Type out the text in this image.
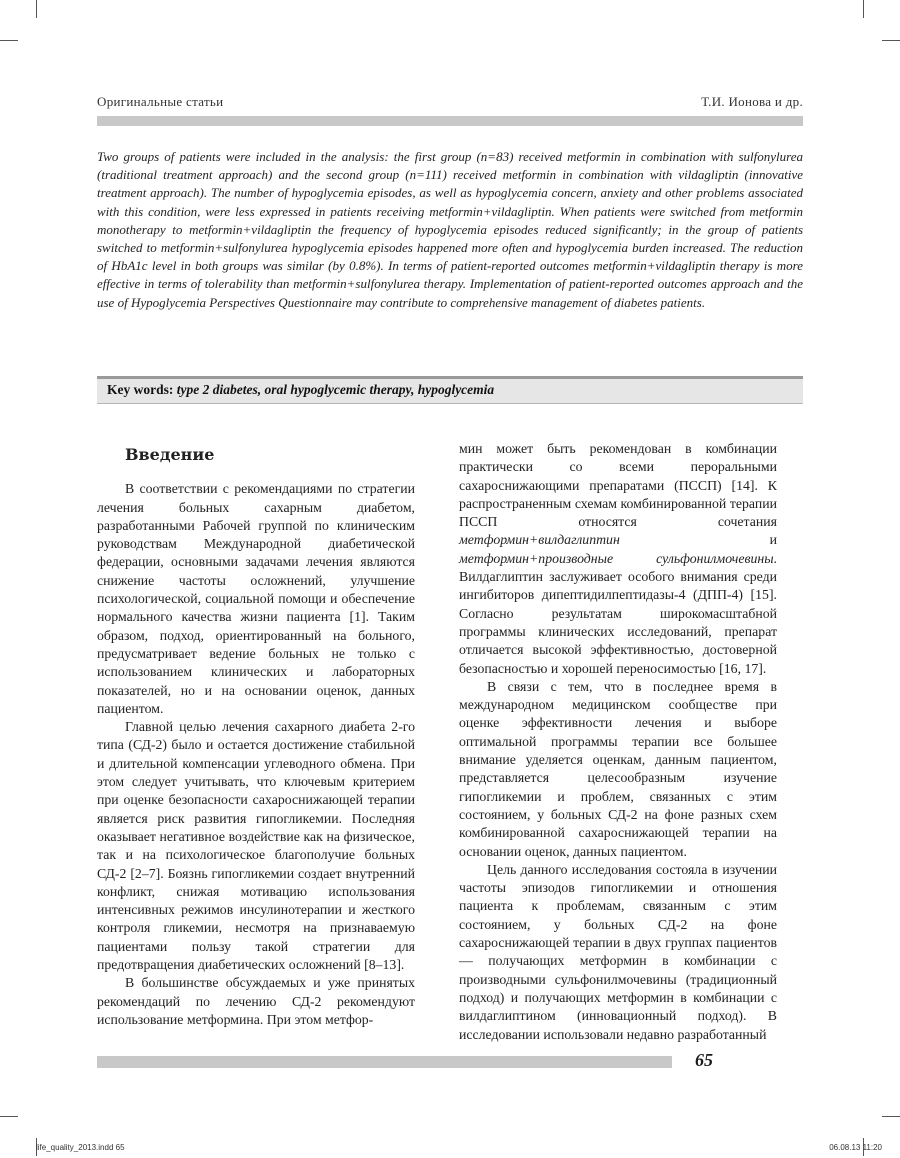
Оригинальные статьи	Т.И. Ионова и др.
Two groups of patients were included in the analysis: the first group (n=83) received metformin in combination with sulfonylurea (traditional treatment approach) and the second group (n=111) received metformin in combination with vildagliptin (innovative treatment approach). The number of hypoglycemia episodes, as well as hypoglycemia concern, anxiety and other problems associated with this condition, were less expressed in patients receiving metformin+vildagliptin. When patients were switched from metformin monotherapy to metformin+vildagliptin the frequency of hypoglycemia episodes reduced significantly; in the group of patients switched to metformin+sulfonylurea hypoglycemia episodes happened more often and hypoglycemia burden increased. The reduction of HbA1c level in both groups was similar (by 0.8%). In terms of patient-reported outcomes metformin+vildagliptin therapy is more effective in terms of tolerability than metformin+sulfonylurea therapy. Implementation of patient-reported outcomes approach and the use of Hypoglycemia Perspectives Questionnaire may contribute to comprehensive management of diabetes patients.
Key words: type 2 diabetes, oral hypoglycemic therapy, hypoglycemia
Введение

В соответствии с рекомендациями по стратегии лечения больных сахарным диабетом, разработанными Рабочей группой по клиническим руководствам Международной диабетической федерации, основными задачами лечения являются снижение частоты осложнений, улучшение психологической, социальной помощи и обеспечение нормального качества жизни пациента [1]. Таким образом, подход, ориентированный на больного, предусматривает ведение больных не только с использованием клинических и лабораторных показателей, но и на основании оценок, данных пациентом.

Главной целью лечения сахарного диабета 2-го типа (СД-2) было и остается достижение стабильной и длительной компенсации углеводного обмена. При этом следует учитывать, что ключевым критерием при оценке безопасности сахароснижающей терапии является риск развития гипогликемии. Последняя оказывает негативное воздействие как на физическое, так и на психологическое благополучие больных СД-2 [2–7]. Боязнь гипогликемии создает внутренний конфликт, снижая мотивацию использования интенсивных режимов инсулинотерапии и жесткого контроля гликемии, несмотря на признаваемую пациентами пользу такой стратегии для предотвращения диабетических осложнений [8–13].

В большинстве обсуждаемых и уже принятых рекомендаций по лечению СД-2 рекомендуют использование метформина. При этом метфор-

мин может быть рекомендован в комбинации практически со всеми пероральными сахароснижающими препаратами (ПССП) [14]. К распространенным схемам комбинированной терапии ПССП относятся сочетания метформин+вилдаглиптин и метформин+производные сульфонилмочевины. Вилдаглиптин заслуживает особого внимания среди ингибиторов дипептидилпептидазы-4 (ДПП-4) [15]. Согласно результатам широкомасштабной программы клинических исследований, препарат отличается высокой эффективностью, достоверной безопасностью и хорошей переносимостью [16, 17].

В связи с тем, что в последнее время в международном медицинском сообществе при оценке эффективности лечения и выборе оптимальной программы терапии все большее внимание уделяется оценкам, данным пациентом, представляется целесообразным изучение гипогликемии и проблем, связанных с этим состоянием, у больных СД-2 на фоне разных схем комбинированной сахароснижающей терапии на основании оценок, данных пациентом.

Цель данного исследования состояла в изучении частоты эпизодов гипогликемии и отношения пациента к проблемам, связанным с этим состоянием, у больных СД-2 на фоне сахароснижающей терапии в двух группах пациентов — получающих метформин в комбинации с производными сульфонилмочевины (традиционный подход) и получающих метформин в комбинации с вилдаглиптином (инновационный подход). В исследовании использовали недавно разработанный

65
life_quality_2013.indd 65	06.08.13 11:20
